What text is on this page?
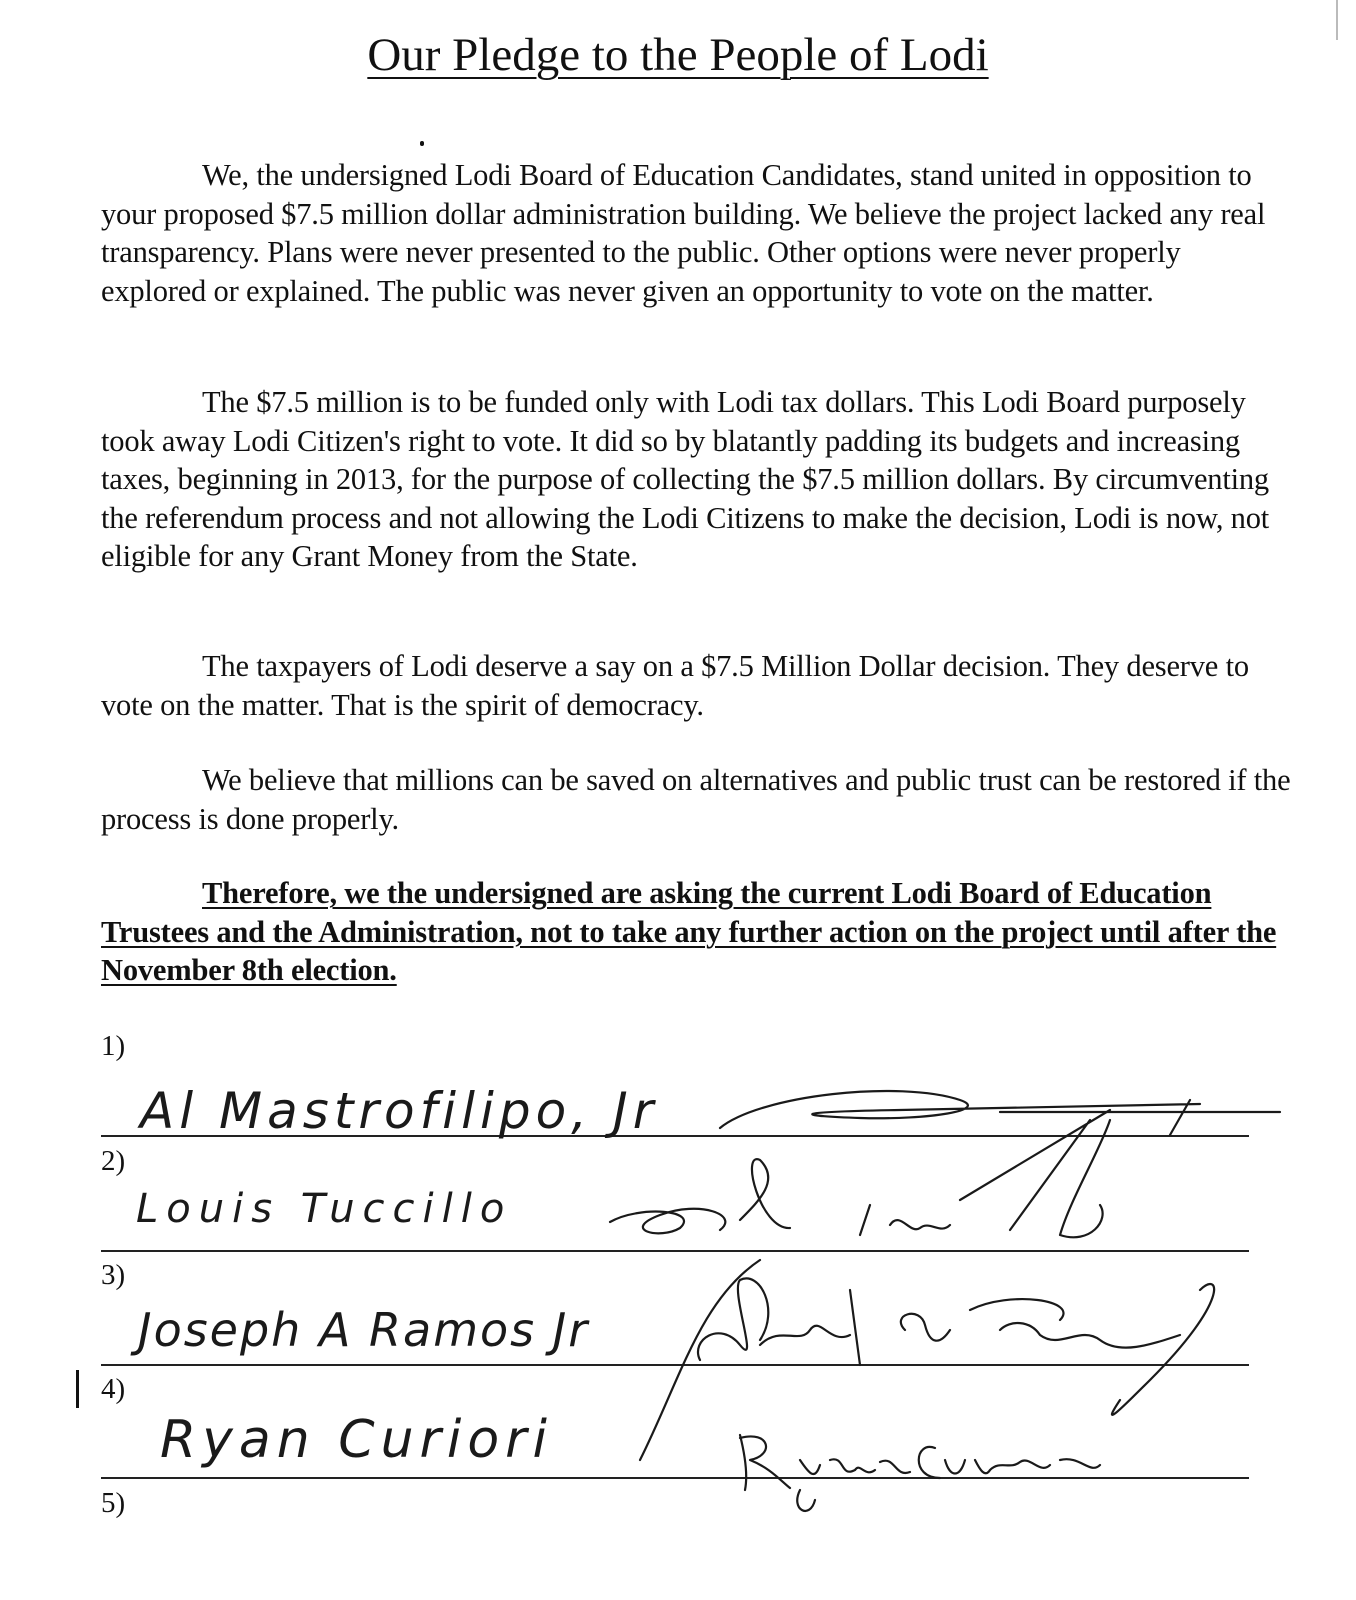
Our Pledge to the People of Lodi

We, the undersigned Lodi Board of Education Candidates, stand united in opposition to your proposed $7.5 million dollar administration building. We believe the project lacked any real transparency. Plans were never presented to the public. Other options were never properly explored or explained. The public was never given an opportunity to vote on the matter.

The $7.5 million is to be funded only with Lodi tax dollars. This Lodi Board purposely took away Lodi Citizen's right to vote. It did so by blatantly padding its budgets and increasing taxes, beginning in 2013, for the purpose of collecting the $7.5 million dollars. By circumventing the referendum process and not allowing the Lodi Citizens to make the decision, Lodi is now, not eligible for any Grant Money from the State.

The taxpayers of Lodi deserve a say on a $7.5 Million Dollar decision. They deserve to vote on the matter. That is the spirit of democracy.

We believe that millions can be saved on alternatives and public trust can be restored if the process is done properly.

Therefore, we the undersigned are asking the current Lodi Board of Education Trustees and the Administration, not to take any further action on the project until after the November 8th election.

1)
2)
3)
4)
5)
Al Mastrofilipo, Jr
Louis Tuccillo
Joseph A Ramos Jr
Ryan Curiori
